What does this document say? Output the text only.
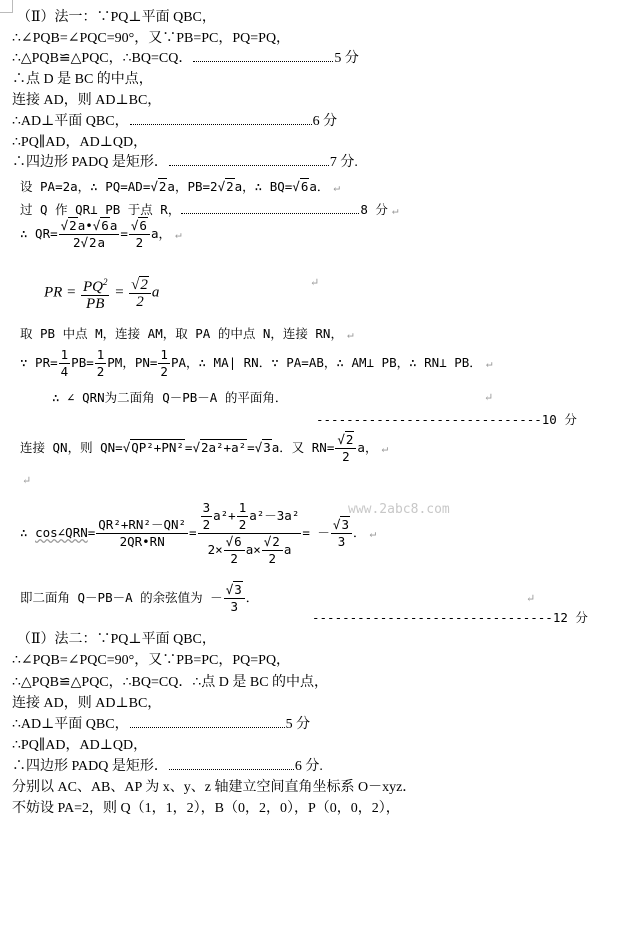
（Ⅱ）法一：∵PQ⊥平面 QBC，
∴∠PQB=∠PQC=90°，又∵PB=PC，PQ=PQ，
∴△PQB≌△PQC，∴BQ=CQ．	5 分
∴点 D 是 BC 的中点，
连接 AD，则 AD⊥BC，
∴AD⊥平面 QBC，	6 分
∴PQ∥AD，AD⊥QD，
∴四边形 PADQ 是矩形．	7 分.
设 PA=2a，∴ PQ=AD=√2a，PB=2√2a，∴ BQ=√6a． ↵
过 Q 作 QR⊥ PB 于点 R，	8 分 ↵
∴ $QR= \frac{√2a•√6a}{2√2a} = \frac{√6}{2}$ a， ↵
PR = $\frac{PQ^2}{PB} = \frac{√2}{2}$ a
↵
取 PB 中点 M，连接 AM，取 PA 的中点 N，连接 RN， ↵
∵ $PR= \frac{1}{4} PB= \frac{1}{2}$ PM，$PN= \frac{1}{2}$ PA，∴ MA∣ RN．∵ PA=AB，∴ AM⊥ PB，∴ RN⊥ PB． ↵
∴ ∠ QRN为二面角 Q－PB－A 的平面角．	↵
------------------------------10 分
连接 QN，则 QN=√QP²+PN²=√2a²+a²=√3a．又 $RN= \frac{√2}{2}$ a， ↵
↵
www.2abc8.com
∴ cos∠QRN= $\frac{\text{QR²+RN²－QN²}}{2QR•RN} = \frac{\frac{3}{2} a^2+ \frac{1}{2} a^2-3a^2}{2\times \frac{√6}{2} a\times \frac{√2}{2} a}$ = － $\frac{√3}{3}$ ． ↵
即二面角 Q－PB－A 的余弦值为 － $\frac{√3}{3}$ ．	↵
--------------------------------12 分
（Ⅱ）法二：∵PQ⊥平面 QBC，
∴∠PQB=∠PQC=90°，又∵PB=PC，PQ=PQ，
∴△PQB≌△PQC，∴BQ=CQ．∴点 D 是 BC 的中点，
连接 AD，则 AD⊥BC，
∴AD⊥平面 QBC，	5 分
∴PQ∥AD，AD⊥QD，
∴四边形 PADQ 是矩形．	6 分.
分别以 AC、AB、AP 为 x、y、z 轴建立空间直角坐标系 O－xyz．
不妨设 PA=2，则 Q（1，1，2），B（0，2，0），P（0，0，2），
